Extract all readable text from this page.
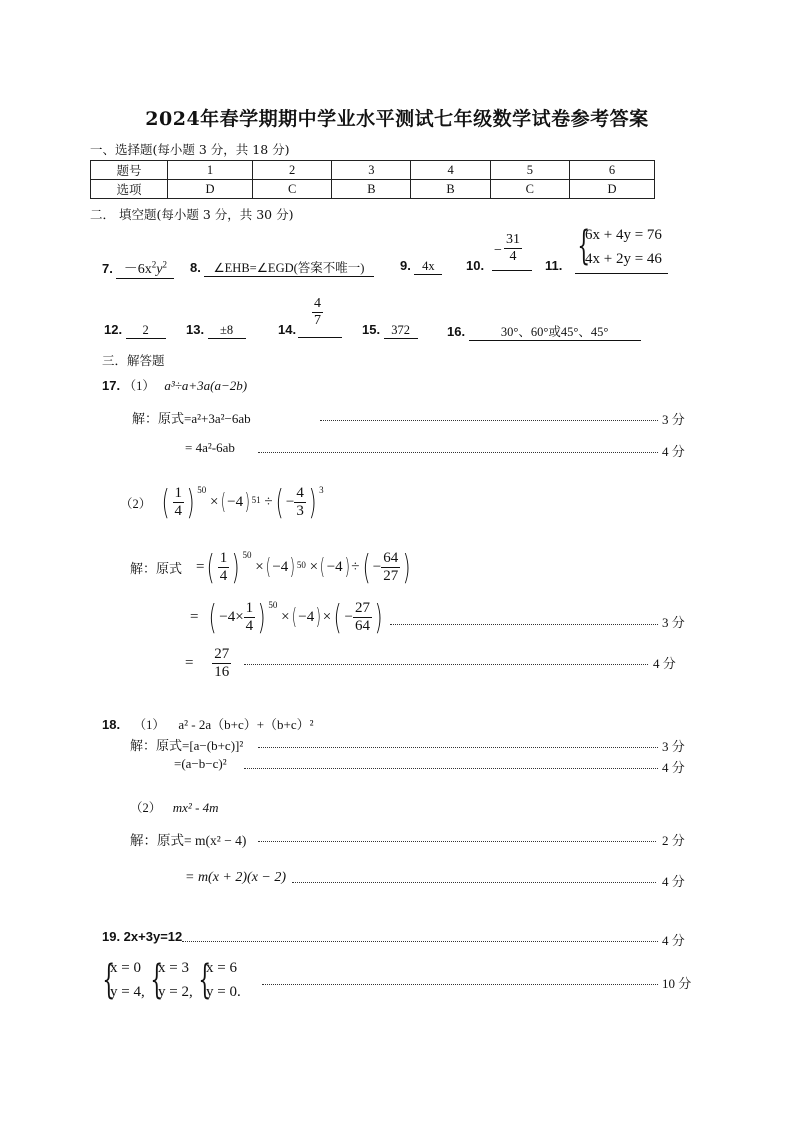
2024年春学期期中学业水平测试七年级数学试卷参考答案
一、选择题(每小题 3 分，共 18 分)
题号	1	2	3	4	5	6
选项	D	C	B	B	C	D
二． 填空题(每小题 3 分，共 30 分)
7. $-6x^2y^2$	8. ∠EHB=∠EGD(答案不唯一)	9. 4x	10.
− $\frac{31}{4}$
11. {
6x + 4y = 76
4x + 2y = 46
12. 2	13. ±8	14.
$\frac{4}{7}$
15. 372	16.	30°、60°或45°、45°
三．解答题
17. （1） a³÷a+3a(a−2b)
解：原式=a²+3a²−6ab	3 分
= 4a²-6ab	4 分
（2） ( $\frac{1}{4}$ ) $^{50}$
× ( −4 ) 51 ÷ ( − $\frac{4}{3}$ ) $^3$
解：原式 = ( $\frac{1}{4}$ ) $^{50}$
× ( −4 ) 50 × ( −4 ) ÷ ( − $\frac{64}{27}$ )
= ( $-4\times \frac{1}{4}$ ) $^{50}$
× ( −4 ) × ( − $\frac{27}{64}$ )	3 分
= $\frac{27}{16}$	4 分
18. （1） a² - 2a（b+c）+（b+c）²
解：原式=[a−(b+c)]²	3 分
=(a−b−c)²	4 分
（2） mx² - 4m
解：原式= m(x² − 4)	2 分
= m(x + 2)(x − 2)	4 分
19. 2x+3y=12	4 分
{
x = 0
y = 4, {
x = 3
y = 2, {
x = 6
y = 0.
10 分
